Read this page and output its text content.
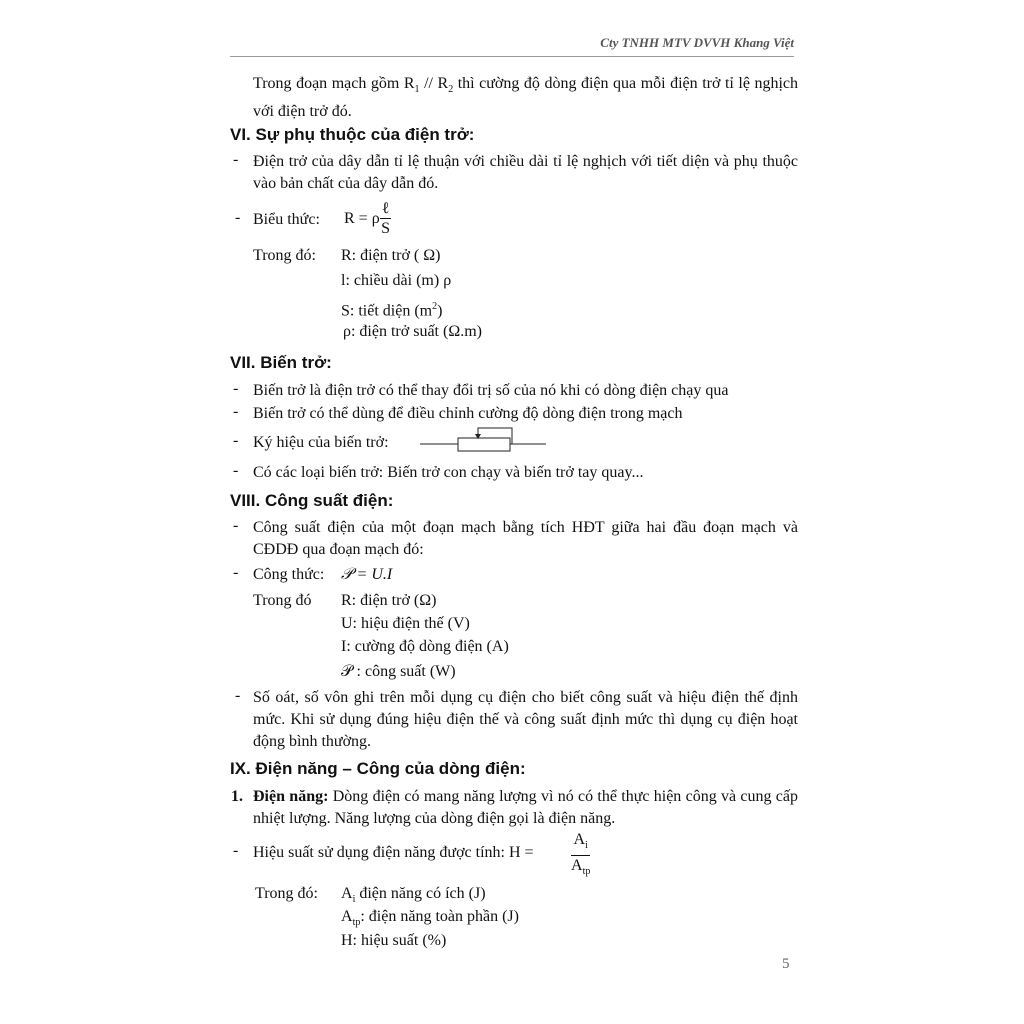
Cty TNHH MTV DVVH Khang Việt
Trong đoạn mạch gồm $R_1 // R_2$ thì cường độ dòng điện qua mỗi điện trở tỉ lệ nghịch với điện trở đó.
VI. Sự phụ thuộc của điện trở:
- Điện trở của dây dẫn tỉ lệ thuận với chiều dài tỉ lệ nghịch với tiết diện và phụ thuộc vào bản chất của dây dẫn đó.
- Biểu thức: R = ρ $\frac{\text{ℓ}}{S}$
Trong đó: R: điện trở ( Ω)
l: chiều dài (m) ρ
S: tiết diện $(m^2)$
ρ: điện trở suất (Ω.m)
VII. Biến trở:
- Biến trở là điện trở có thể thay đổi trị số của nó khi có dòng điện chạy qua
- Biến trở có thể dùng để điều chỉnh cường độ dòng điện trong mạch
- Ký hiệu của biến trở:
- Có các loại biến trở: Biến trở con chạy và biến trở tay quay...
VIII. Công suất điện:
- Công suất điện của một đoạn mạch bằng tích HĐT giữa hai đầu đoạn mạch và CĐDĐ qua đoạn mạch đó:
- Công thức: 𝒫 = U.I
Trong đó R: điện trở (Ω)
U: hiệu điện thế (V)
I: cường độ dòng điện (A)
𝒫 : công suất (W)
- Số oát, số vôn ghi trên mỗi dụng cụ điện cho biết công suất và hiệu điện thế định mức. Khi sử dụng đúng hiệu điện thế và công suất định mức thì dụng cụ điện hoạt động bình thường.
IX. Điện năng – Công của dòng điện:
1. Điện năng: Dòng điện có mang năng lượng vì nó có thể thực hiện công và cung cấp nhiệt lượng. Năng lượng của dòng điện gọi là điện năng.
- Hiệu suất sử dụng điện năng được tính: $H = \frac{A_i}{A_{tp}}$
Trong đó: $A_i$ điện năng có ích (J)
$A_{tp}$: điện năng toàn phần (J)
H: hiệu suất (%)
5
